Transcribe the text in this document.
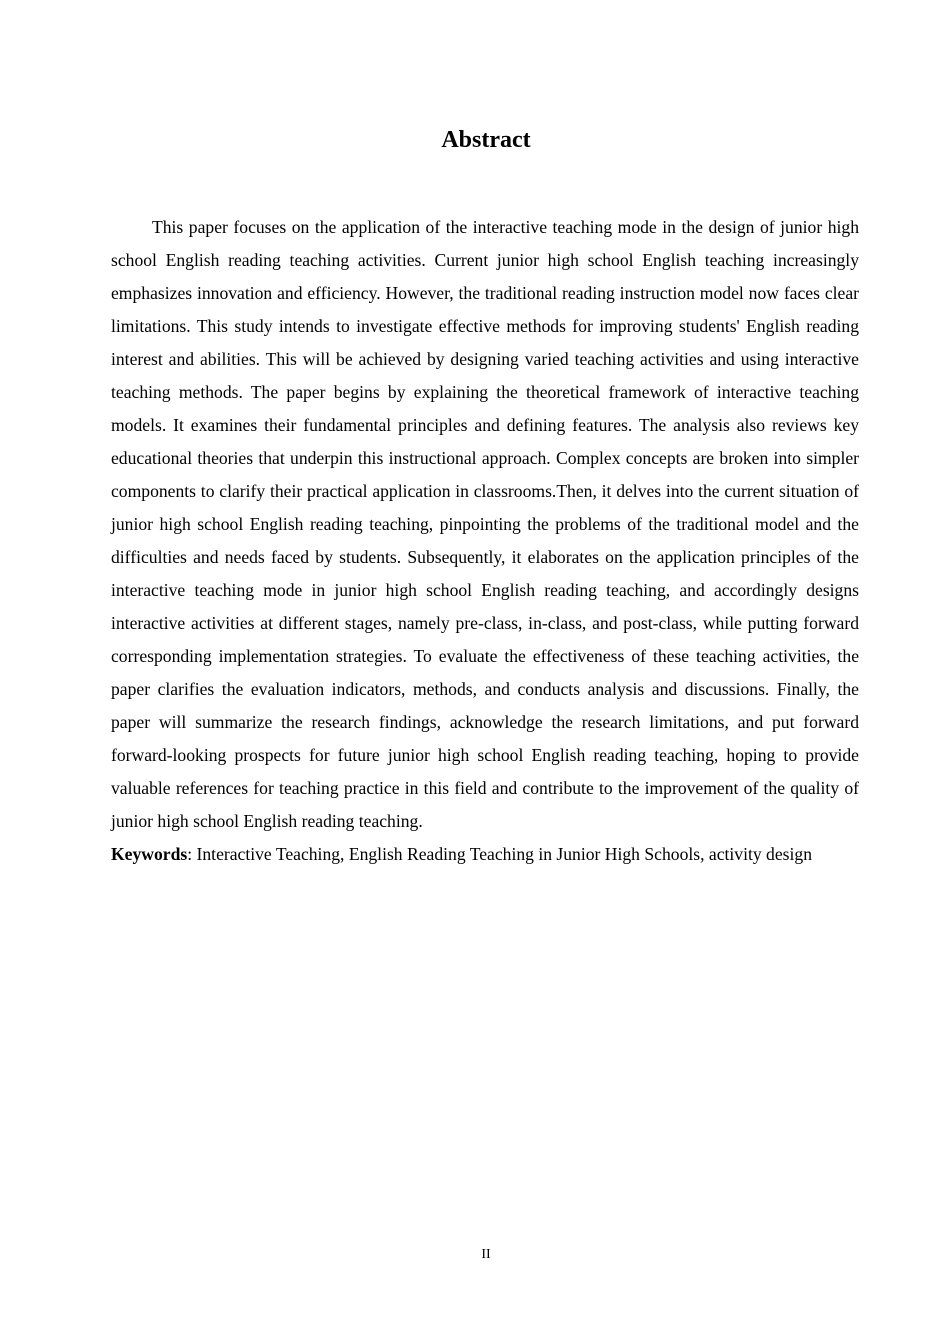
Abstract

This paper focuses on the application of the interactive teaching mode in the design of junior high school English reading teaching activities. Current junior high school English teaching increasingly emphasizes innovation and efficiency. However, the traditional reading instruction model now faces clear limitations. This study intends to investigate effective methods for improving students' English reading interest and abilities. This will be achieved by designing varied teaching activities and using interactive teaching methods. The paper begins by explaining the theoretical framework of interactive teaching models. It examines their fundamental principles and defining features. The analysis also reviews key educational theories that underpin this instructional approach. Complex concepts are broken into simpler components to clarify their practical application in classrooms.Then, it delves into the current situation of junior high school English reading teaching, pinpointing the problems of the traditional model and the difficulties and needs faced by students. Subsequently, it elaborates on the application principles of the interactive teaching mode in junior high school English reading teaching, and accordingly designs interactive activities at different stages, namely pre-class, in-class, and post-class, while putting forward corresponding implementation strategies. To evaluate the effectiveness of these teaching activities, the paper clarifies the evaluation indicators, methods, and conducts analysis and discussions. Finally, the paper will summarize the research findings, acknowledge the research limitations, and put forward forward-looking prospects for future junior high school English reading teaching, hoping to provide valuable references for teaching practice in this field and contribute to the improvement of the quality of junior high school English reading teaching.

Keywords: Interactive Teaching, English Reading Teaching in Junior High Schools, activity design

II
